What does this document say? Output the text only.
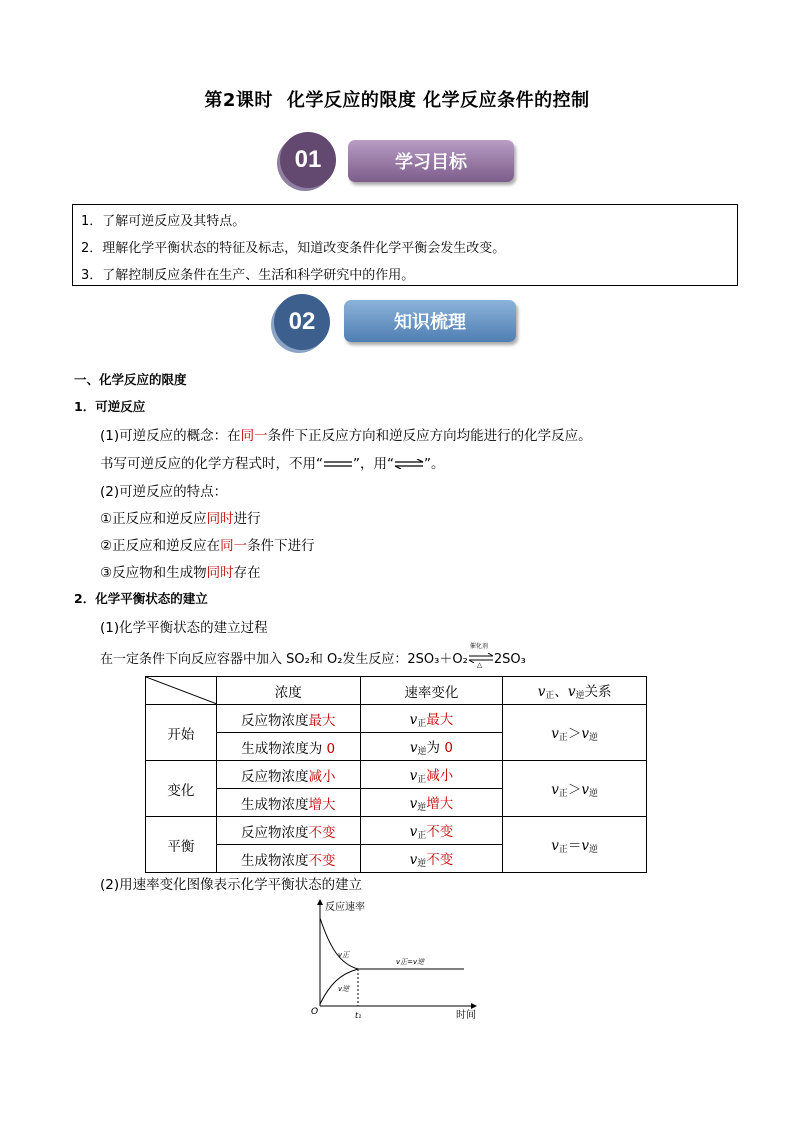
第2课时 化学反应的限度 化学反应条件的控制
学习目标
01
1．了解可逆反应及其特点。
2．理解化学平衡状态的特征及标志，知道改变条件化学平衡会发生改变。
3．了解控制反应条件在生产、生活和科学研究中的作用。
知识梳理
02
一、化学反应的限度
1．可逆反应
(1)可逆反应的概念：在同一条件下正反应方向和逆反应方向均能进行的化学反应。
书写可逆反应的化学方程式时，不用“ ”，用“⇌”。
(2)可逆反应的特点：
①正反应和逆反应同时进行
②正反应和逆反应在同一条件下进行
③反应物和生成物同时存在
2．化学平衡状态的建立
(1)化学平衡状态的建立过程
在一定条件下向反应容器中加入 SO₂和 O₂发生反应：2SO₃＋O₂
催化剂
△ 2SO₃
	浓度	速率变化	$v_正$、$v_逆$关系
开始	反应物浓度最大	$v_正$最大	$v_正>v_逆$
	生成物浓度为 0	$v_逆$为 0	
变化	反应物浓度减小	$v_正$减小	$v_正>v_逆$
	生成物浓度增大	$v_逆$增大	
平衡	反应物浓度不变	$v_正$不变	$v_正=v_逆$
	生成物浓度不变	$v_逆$不变	
(2)用速率变化图像表示化学平衡状态的建立
反应速率
时间
O	t₁
v正
v逆
v正=v逆
